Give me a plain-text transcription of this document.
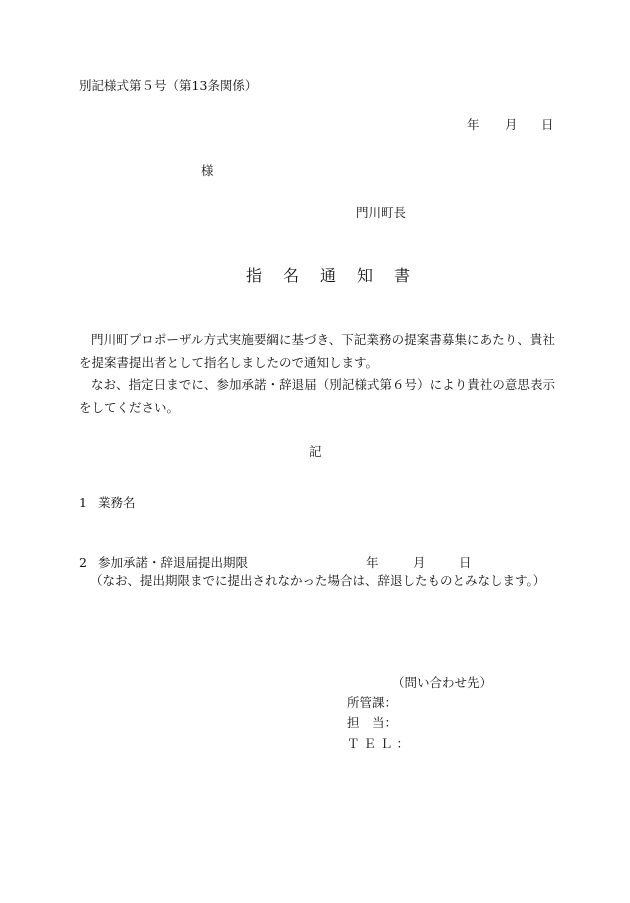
別記様式第５号（第13条関係）
年 月 日
様
門川町長
指名通知書
門川町プロポーザル方式実施要綱に基づき、下記業務の提案書募集にあたり、貴社を提案書提出者として指名しましたので通知します。
なお、指定日までに、参加承諾・辞退届（別記様式第６号）により貴社の意思表示をしてください。
記
1 業務名
2 参加承諾・辞退届提出期限	年	月	日
（なお、提出期限までに提出されなかった場合は、辞退したものとみなします。）
（問い合わせ先）
所管課：
担　当：
ＴＥＬ：
